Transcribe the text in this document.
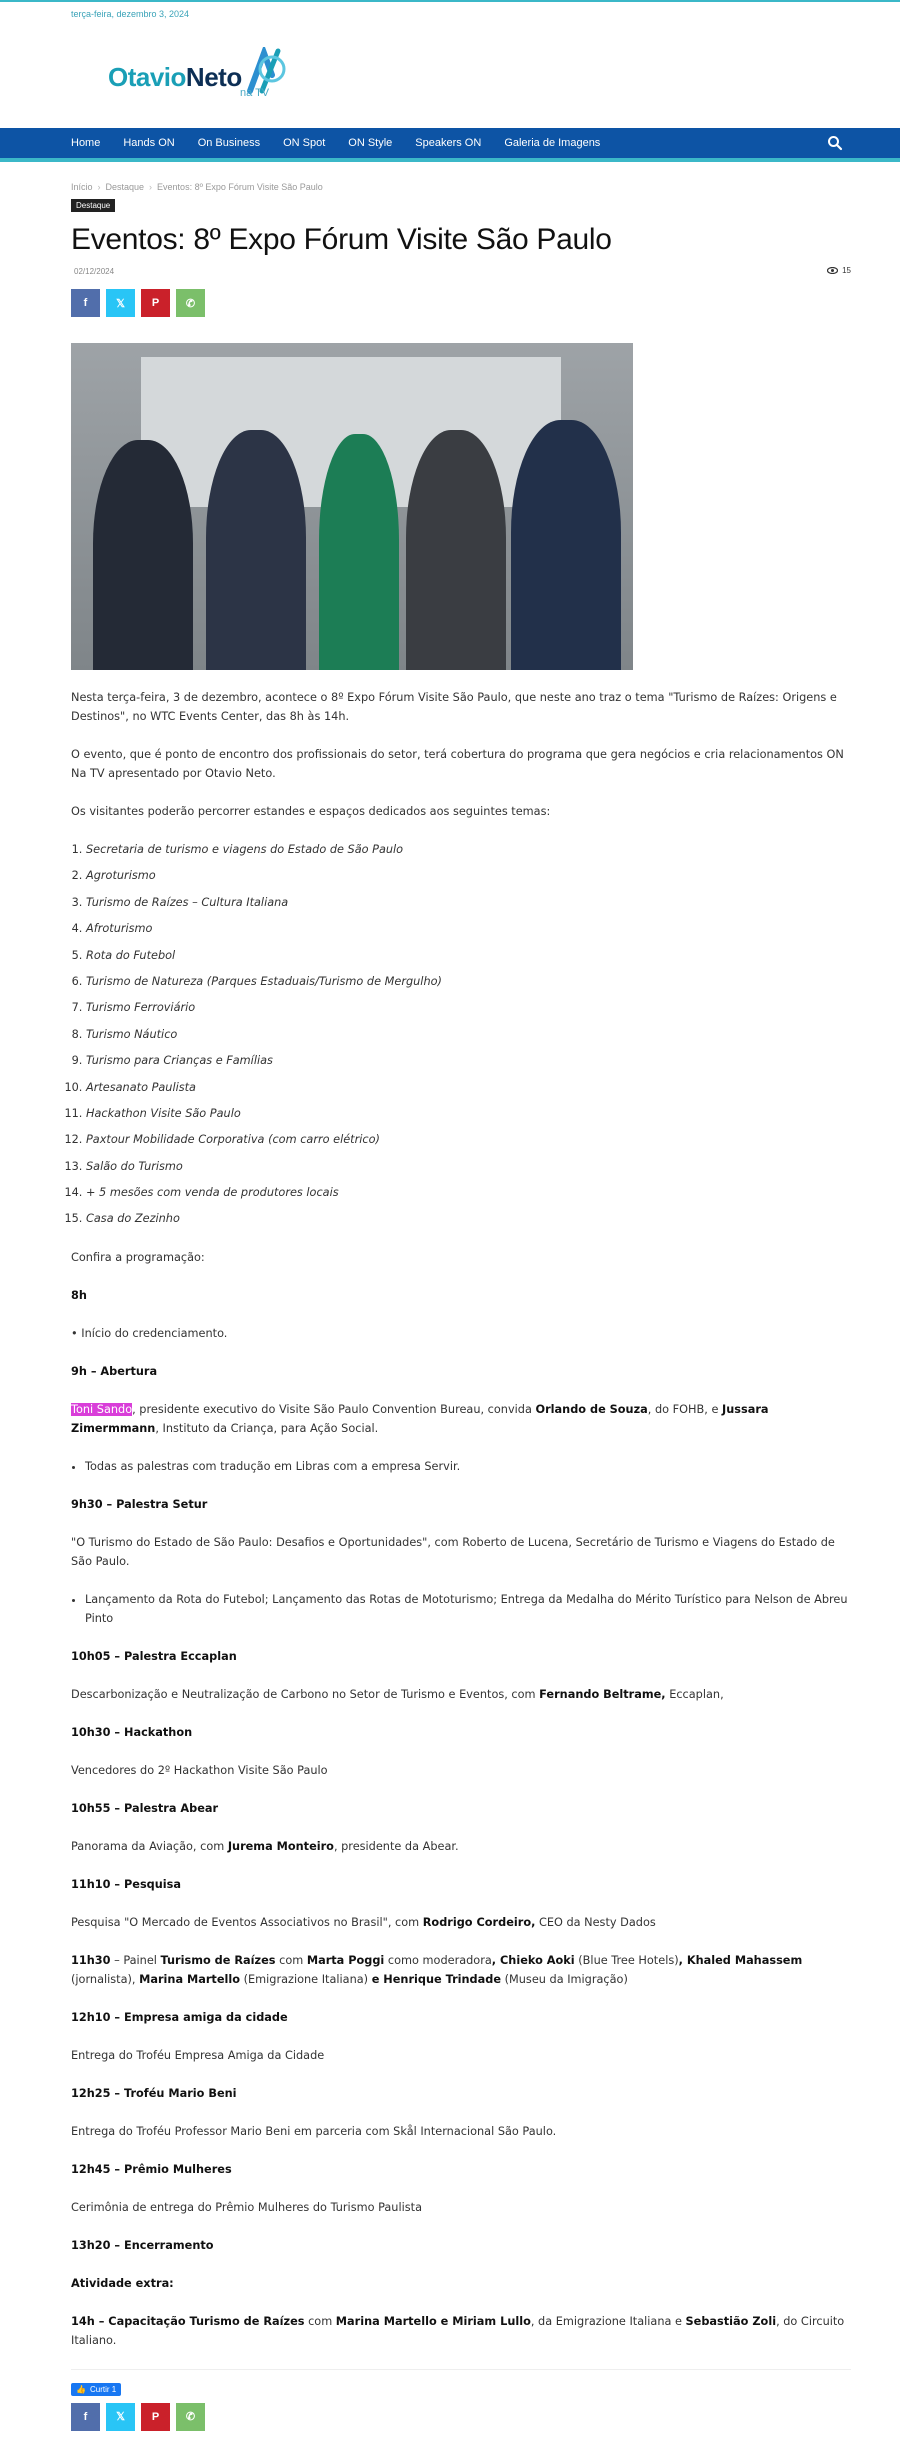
terça-feira, dezembro 3, 2024
OtavioNeto
na TV
Home Hands ON On Business ON Spot ON Style Speakers ON Galeria de Imagens
Início › Destaque › Eventos: 8º Expo Fórum Visite São Paulo
Destaque
Eventos: 8º Expo Fórum Visite São Paulo
02/12/2024	15
f	𝕏 P ✆

Nesta terça-feira, 3 de dezembro, acontece o 8º Expo Fórum Visite São Paulo, que neste ano traz o tema "Turismo de Raízes: Origens e Destinos", no WTC Events Center, das 8h às 14h.

O evento, que é ponto de encontro dos profissionais do setor, terá cobertura do programa que gera negócios e cria relacionamentos ON Na TV apresentado por Otavio Neto.

Os visitantes poderão percorrer estandes e espaços dedicados aos seguintes temas:

1. Secretaria de turismo e viagens do Estado de São Paulo
2. Agroturismo
3. Turismo de Raízes – Cultura Italiana
4. Afroturismo
5. Rota do Futebol
6. Turismo de Natureza (Parques Estaduais/Turismo de Mergulho)
7. Turismo Ferroviário
8. Turismo Náutico
9. Turismo para Crianças e Famílias
10. Artesanato Paulista
11. Hackathon Visite São Paulo
12. Paxtour Mobilidade Corporativa (com carro elétrico)
13. Salão do Turismo
14. + 5 mesões com venda de produtores locais
15. Casa do Zezinho

Confira a programação:

8h

• Início do credenciamento.

9h – Abertura

Toni Sando, presidente executivo do Visite São Paulo Convention Bureau, convida Orlando de Souza, do FOHB, e Jussara Zimermmann, Instituto da Criança, para Ação Social.

• Todas as palestras com tradução em Libras com a empresa Servir.

9h30 – Palestra Setur

"O Turismo do Estado de São Paulo: Desafios e Oportunidades", com Roberto de Lucena, Secretário de Turismo e Viagens do Estado de São Paulo.

• Lançamento da Rota do Futebol; Lançamento das Rotas de Mototurismo; Entrega da Medalha do Mérito Turístico para Nelson de Abreu Pinto

10h05 – Palestra Eccaplan

Descarbonização e Neutralização de Carbono no Setor de Turismo e Eventos, com Fernando Beltrame, Eccaplan,

10h30 – Hackathon

Vencedores do 2º Hackathon Visite São Paulo

10h55 – Palestra Abear

Panorama da Aviação, com Jurema Monteiro, presidente da Abear.

11h10 – Pesquisa

Pesquisa "O Mercado de Eventos Associativos no Brasil", com Rodrigo Cordeiro, CEO da Nesty Dados

11h30 – Painel Turismo de Raízes com Marta Poggi como moderadora, Chieko Aoki (Blue Tree Hotels), Khaled Mahassem (jornalista), Marina Martello (Emigrazione Italiana) e Henrique Trindade (Museu da Imigração)

12h10 – Empresa amiga da cidade

Entrega do Troféu Empresa Amiga da Cidade

12h25 – Troféu Mario Beni

Entrega do Troféu Professor Mario Beni em parceria com Skål Internacional São Paulo.

12h45 – Prêmio Mulheres

Cerimônia de entrega do Prêmio Mulheres do Turismo Paulista

13h20 – Encerramento

Atividade extra:

14h – Capacitação Turismo de Raízes com Marina Martello e Miriam Lullo, da Emigrazione Italiana e Sebastião Zoli, do Circuito Italiano.

👍 Curtir 1
f	𝕏 P ✆
